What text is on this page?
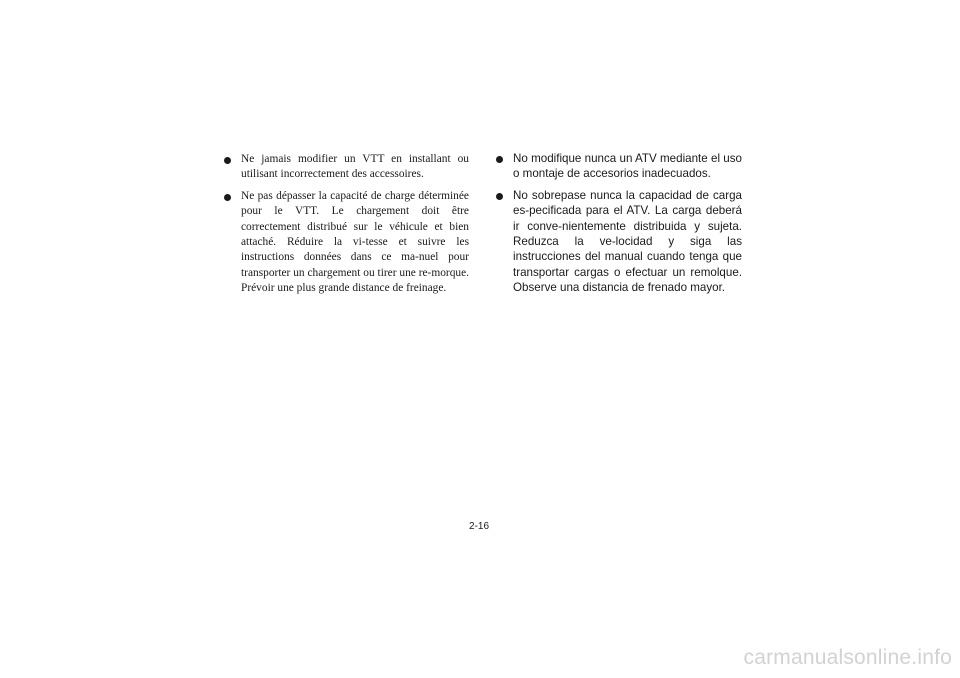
Ne jamais modifier un VTT en installant ou utilisant incorrectement des accessoires.
Ne pas dépasser la capacité de charge déterminée pour le VTT. Le chargement doit être correctement distribué sur le véhicule et bien attaché. Réduire la vi-tesse et suivre les instructions données dans ce ma-nuel pour transporter un chargement ou tirer une re-morque. Prévoir une plus grande distance de freinage.
No modifique nunca un ATV mediante el uso o montaje de accesorios inadecuados.
No sobrepase nunca la capacidad de carga es-pecificada para el ATV. La carga deberá ir conve-nientemente distribuida y sujeta. Reduzca la ve-locidad y siga las instrucciones del manual cuando tenga que transportar cargas o efectuar un remolque. Observe una distancia de frenado mayor.
2-16
carmanualsonline.info
